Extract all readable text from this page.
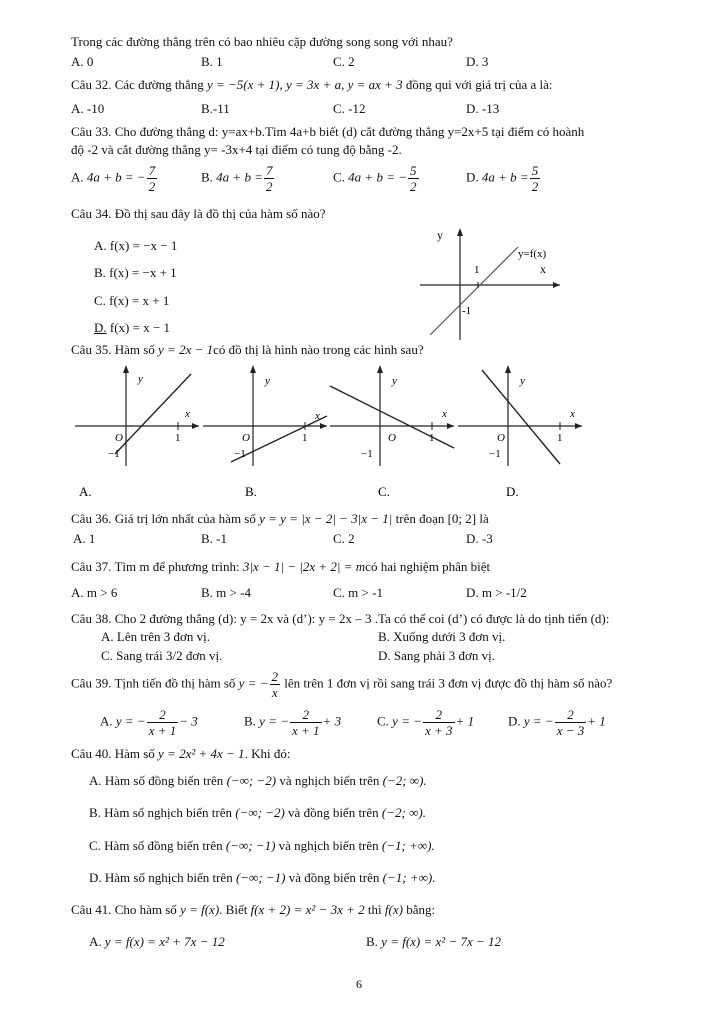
Trong các đường thẳng trên có bao nhiêu cặp đường song song với nhau?
A. 0	B. 1	C. 2	D. 3
Câu 32. Các đường thẳng y = −5(x + 1), y = 3x + a, y = ax + 3 đồng qui với giá trị của a là:
A. -10	B.-11	C. -12	D. -13
Câu 33. Cho đường thẳng d: y=ax+b.Tìm 4a+b biết (d) cắt đường thẳng y=2x+5 tại điểm có hoành
độ -2 và cắt đường thẳng y= -3x+4 tại điểm có tung độ bằng -2.
A. 4a + b = − $\frac{7}{2}$	B. $4a + b = \frac{7}{2}$	C. 4a + b = − $\frac{5}{2}$	D. $4a + b = \frac{5}{2}$
Câu 34. Đồ thị sau đây là đồ thị của hàm số nào?
A. f(x) = −x − 1
B. f(x) = −x + 1
C. f(x) = x + 1
D. f(x) = x − 1
y
x
y=f(x)
1
-1
Câu 35. Hàm số y = 2x − 1có đồ thị là hình nào trong các hình sau?
y
x
O	1
−1
A.
y
x
O	1
−1
B.
y
x
O	1
−1
C.
y
x
O	1
−1
D.
Câu 36. Giá trị lớn nhất của hàm số y = y = |x − 2| − 3|x − 1| trên đoạn [0; 2] là
A. 1	B. -1	C. 2	D. -3
Câu 37. Tìm m để phương trình: 3|x − 1| − |2x + 2| = mcó hai nghiệm phân biệt
A. m > 6	B. m > -4	C. m > -1	D. m > -1/2
Câu 38. Cho 2 đường thẳng (d): y = 2x và (d’): y = 2x – 3 .Ta có thể coi (d’) có được là do tịnh tiến (d):
A. Lên trên 3 đơn vị.	B. Xuống dưới 3 đơn vị.
C. Sang trái 3/2 đơn vị.	D. Sang phải 3 đơn vị.
Câu 39. Tịnh tiến đồ thị hàm số y = − $\frac{2}{x}$ lên trên 1 đơn vị rồi sang trái 3 đơn vị được đồ thị hàm số nào?
A. y = − $\frac{2}{x + 1} - 3$	B. y = − $\frac{2}{x + 1} + 3$	C. y = − $\frac{2}{x + 3} + 1$	D. y = − $\frac{2}{x - 3} + 1$
Câu 40. Hàm số y = 2x² + 4x − 1. Khi đó:
A. Hàm số đồng biến trên (−∞; −2) và nghịch biến trên (−2; ∞).
B. Hàm số nghịch biến trên (−∞; −2) và đồng biến trên (−2; ∞).
C. Hàm số đồng biến trên (−∞; −1) và nghịch biến trên (−1; +∞).
D. Hàm số nghịch biến trên (−∞; −1) và đồng biến trên (−1; +∞).
Câu 41. Cho hàm số y = f(x). Biết f(x + 2) = x² − 3x + 2 thì f(x) bằng:
A. y = f(x) = x² + 7x − 12	B. y = f(x) = x² − 7x − 12
6
